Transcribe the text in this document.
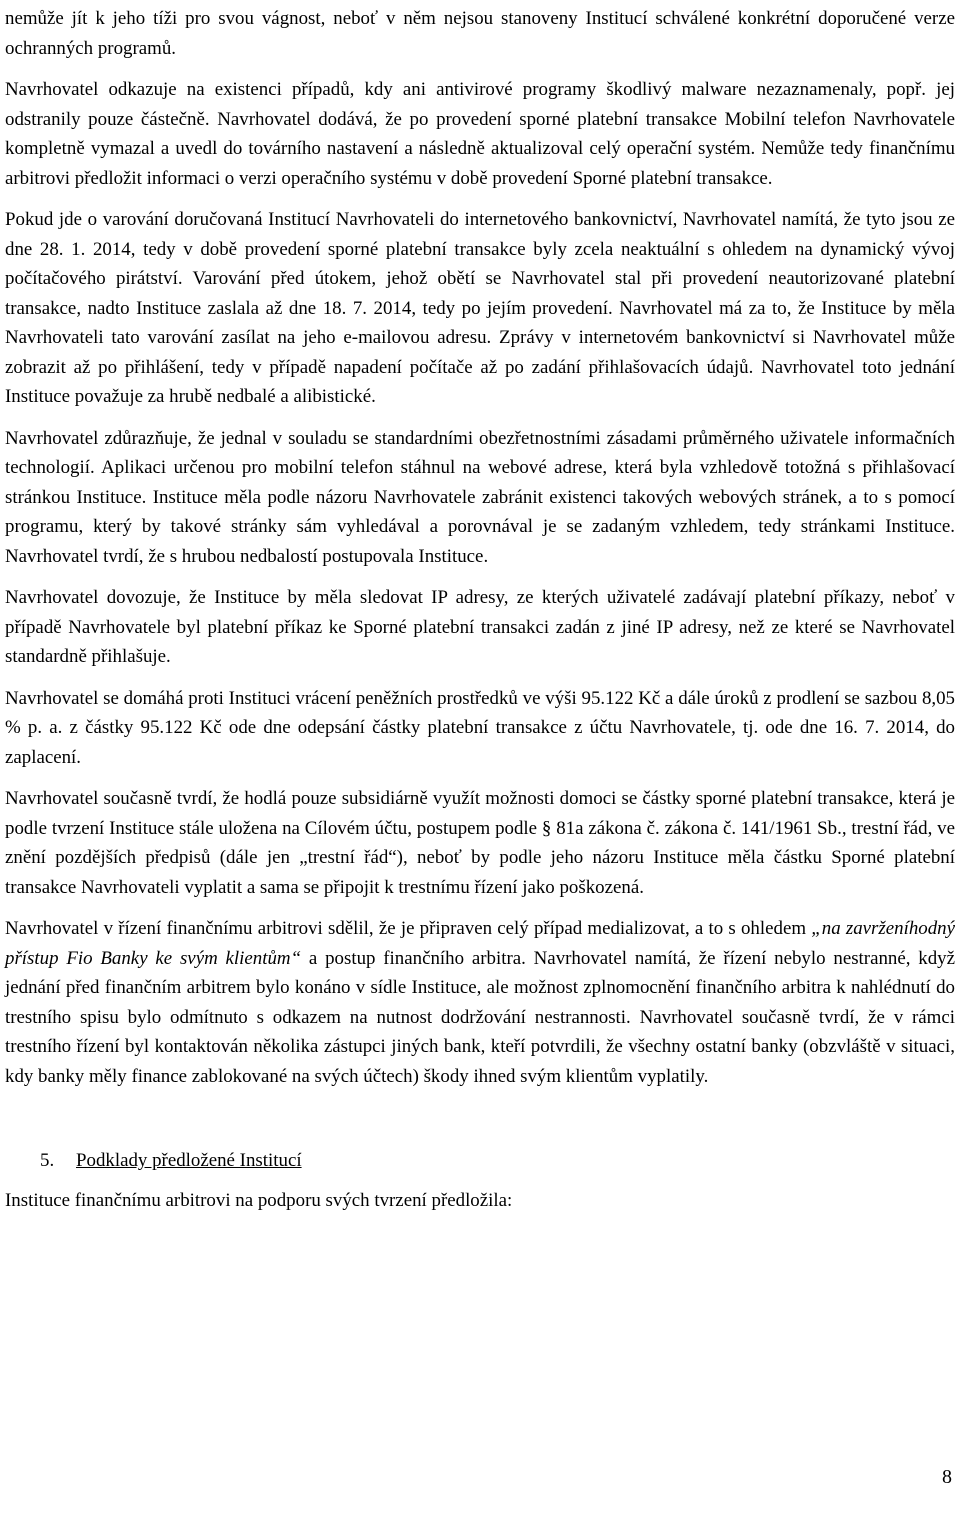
nemůže jít k jeho tíži pro svou vágnost, neboť v něm nejsou stanoveny Institucí schválené konkrétní doporučené verze ochranných programů.

Navrhovatel odkazuje na existenci případů, kdy ani antivirové programy škodlivý malware nezaznamenaly, popř. jej odstranily pouze částečně. Navrhovatel dodává, že po provedení sporné platební transakce Mobilní telefon Navrhovatele kompletně vymazal a uvedl do továrního nastavení a následně aktualizoval celý operační systém. Nemůže tedy finančnímu arbitrovi předložit informaci o verzi operačního systému v době provedení Sporné platební transakce.

Pokud jde o varování doručovaná Institucí Navrhovateli do internetového bankovnictví, Navrhovatel namítá, že tyto jsou ze dne 28. 1. 2014, tedy v době provedení sporné platební transakce byly zcela neaktuální s ohledem na dynamický vývoj počítačového pirátství. Varování před útokem, jehož obětí se Navrhovatel stal při provedení neautorizované platební transakce, nadto Instituce zaslala až dne 18. 7. 2014, tedy po jejím provedení. Navrhovatel má za to, že Instituce by měla Navrhovateli tato varování zasílat na jeho e-mailovou adresu. Zprávy v internetovém bankovnictví si Navrhovatel může zobrazit až po přihlášení, tedy v případě napadení počítače až po zadání přihlašovacích údajů. Navrhovatel toto jednání Instituce považuje za hrubě nedbalé a alibistické.

Navrhovatel zdůrazňuje, že jednal v souladu se standardními obezřetnostními zásadami průměrného uživatele informačních technologií. Aplikaci určenou pro mobilní telefon stáhnul na webové adrese, která byla vzhledově totožná s přihlašovací stránkou Instituce. Instituce měla podle názoru Navrhovatele zabránit existenci takových webových stránek, a to s pomocí programu, který by takové stránky sám vyhledával a porovnával je se zadaným vzhledem, tedy stránkami Instituce. Navrhovatel tvrdí, že s hrubou nedbalostí postupovala Instituce.

Navrhovatel dovozuje, že Instituce by měla sledovat IP adresy, ze kterých uživatelé zadávají platební příkazy, neboť v případě Navrhovatele byl platební příkaz ke Sporné platební transakci zadán z jiné IP adresy, než ze které se Navrhovatel standardně přihlašuje.

Navrhovatel se domáhá proti Instituci vrácení peněžních prostředků ve výši 95.122 Kč a dále úroků z prodlení se sazbou 8,05 % p. a. z částky 95.122 Kč ode dne odepsání částky platební transakce z účtu Navrhovatele, tj. ode dne 16. 7. 2014, do zaplacení.

Navrhovatel současně tvrdí, že hodlá pouze subsidiárně využít možnosti domoci se částky sporné platební transakce, která je podle tvrzení Instituce stále uložena na Cílovém účtu, postupem podle § 81a zákona č. zákona č. 141/1961 Sb., trestní řád, ve znění pozdějších předpisů (dále jen „trestní řád“), neboť by podle jeho názoru Instituce měla částku Sporné platební transakce Navrhovateli vyplatit a sama se připojit k trestnímu řízení jako poškozená.

Navrhovatel v řízení finančnímu arbitrovi sdělil, že je připraven celý případ medializovat, a to s ohledem „na zavrženíhodný přístup Fio Banky ke svým klientům“ a postup finančního arbitra. Navrhovatel namítá, že řízení nebylo nestranné, když jednání před finančním arbitrem bylo konáno v sídle Instituce, ale možnost zplnomocnění finančního arbitra k nahlédnutí do trestního spisu bylo odmítnuto s odkazem na nutnost dodržování nestrannosti. Navrhovatel současně tvrdí, že v rámci trestního řízení byl kontaktován několika zástupci jiných bank, kteří potvrdili, že všechny ostatní banky (obzvláště v situaci, kdy banky měly finance zablokované na svých účtech) škody ihned svým klientům vyplatily.

5. Podklady předložené Institucí

Instituce finančnímu arbitrovi na podporu svých tvrzení předložila:

8
